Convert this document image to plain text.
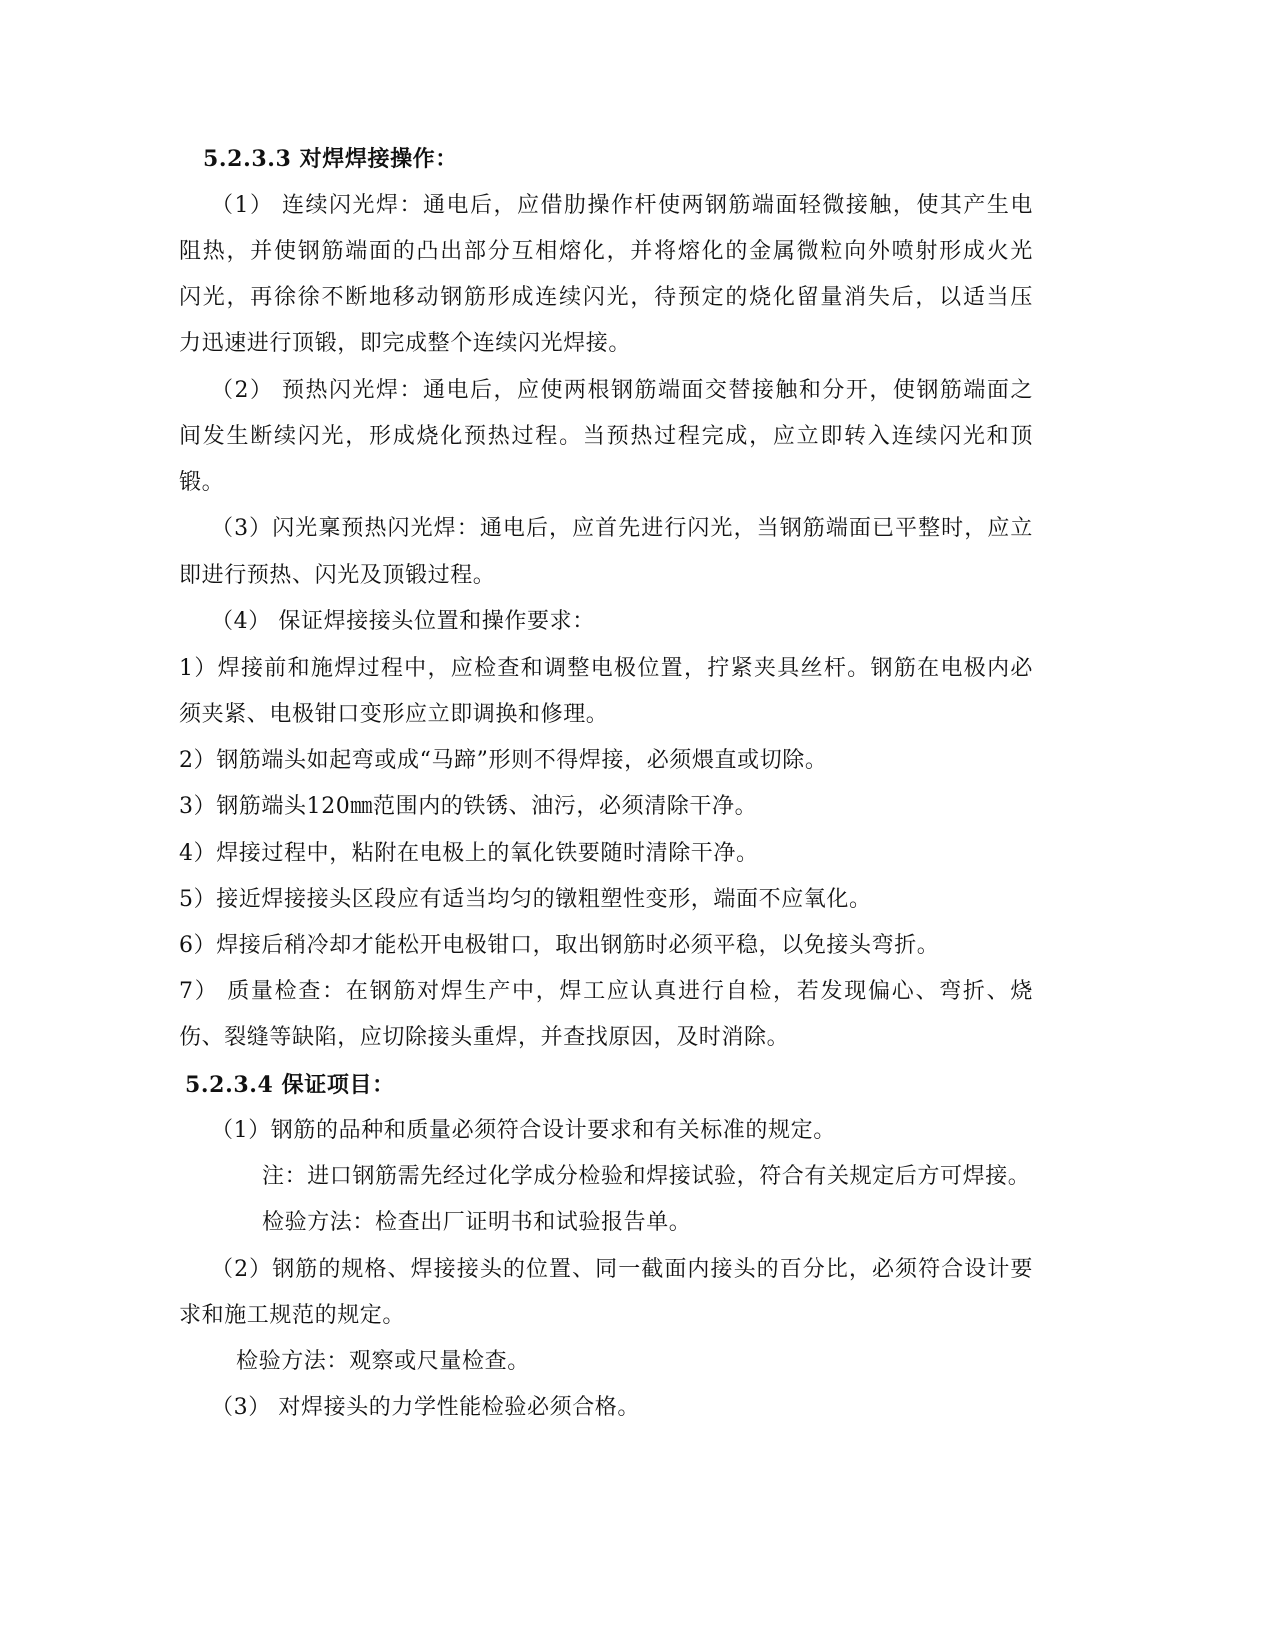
5.2.3.3 对焊焊接操作：
（1） 连续闪光焊：通电后，应借肋操作杆使两钢筋端面轻微接触，使其产生电
阻热，并使钢筋端面的凸出部分互相熔化，并将熔化的金属微粒向外喷射形成火光
闪光，再徐徐不断地移动钢筋形成连续闪光，待预定的烧化留量消失后，以适当压
力迅速进行顶锻，即完成整个连续闪光焊接。
（2） 预热闪光焊：通电后，应使两根钢筋端面交替接触和分开，使钢筋端面之
间发生断续闪光，形成烧化预热过程。当预热过程完成，应立即转入连续闪光和顶
锻。
（3）闪光稟预热闪光焊：通电后，应首先进行闪光，当钢筋端面已平整时，应立
即进行预热、闪光及顶锻过程。
（4） 保证焊接接头位置和操作要求：
1）焊接前和施焊过程中，应检查和调整电极位置，拧紧夹具丝杆。钢筋在电极内必
须夹紧、电极钳口变形应立即调换和修理。
2）钢筋端头如起弯或成“马蹄”形则不得焊接，必须煨直或切除。
3）钢筋端头120㎜范围内的铁锈、油污，必须清除干净。
4）焊接过程中，粘附在电极上的氧化铁要随时清除干净。
5）接近焊接接头区段应有适当均匀的镦粗塑性变形，端面不应氧化。
6）焊接后稍冷却才能松开电极钳口，取出钢筋时必须平稳，以免接头弯折。
7） 质量检查：在钢筋对焊生产中，焊工应认真进行自检，若发现偏心、弯折、烧
伤、裂缝等缺陷，应切除接头重焊，并查找原因，及时消除。
5.2.3.4 保证项目：
（1）钢筋的品种和质量必须符合设计要求和有关标准的规定。
注：进口钢筋需先经过化学成分检验和焊接试验，符合有关规定后方可焊接。
检验方法：检查出厂证明书和试验报告单。
（2）钢筋的规格、焊接接头的位置、同一截面内接头的百分比，必须符合设计要
求和施工规范的规定。
检验方法：观察或尺量检查。
（3） 对焊接头的力学性能检验必须合格。
